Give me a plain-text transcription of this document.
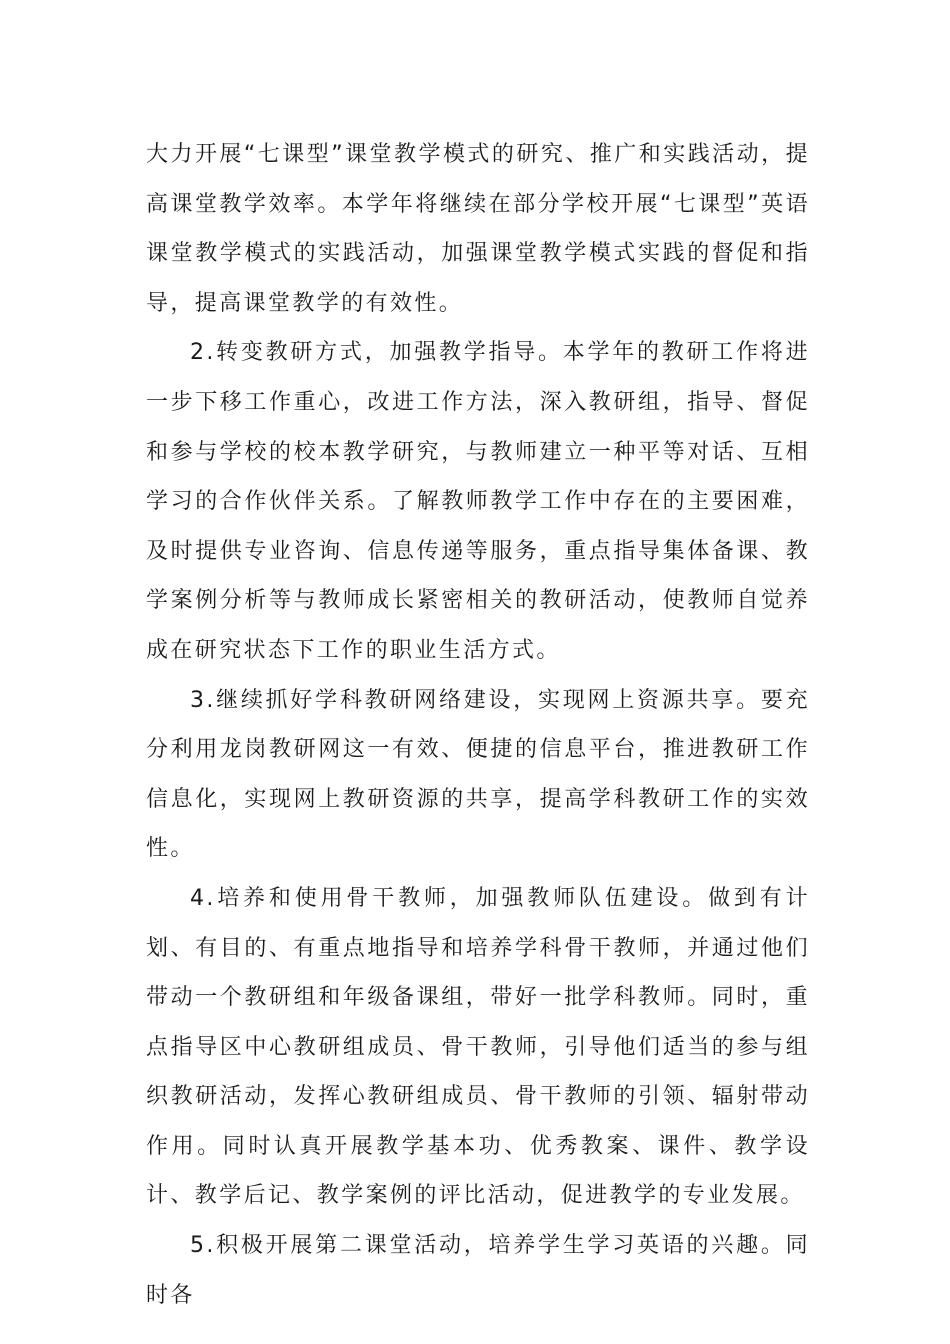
大力开展“七课型”课堂教学模式的研究、推广和实践活动，提高课堂教学效率。本学年将继续在部分学校开展“七课型”英语课堂教学模式的实践活动，加强课堂教学模式实践的督促和指导，提高课堂教学的有效性。

2.转变教研方式，加强教学指导。本学年的教研工作将进一步下移工作重心，改进工作方法，深入教研组，指导、督促和参与学校的校本教学研究，与教师建立一种平等对话、互相学习的合作伙伴关系。了解教师教学工作中存在的主要困难，及时提供专业咨询、信息传递等服务，重点指导集体备课、教学案例分析等与教师成长紧密相关的教研活动，使教师自觉养成在研究状态下工作的职业生活方式。

3.继续抓好学科教研网络建设，实现网上资源共享。要充分利用龙岗教研网这一有效、便捷的信息平台，推进教研工作信息化，实现网上教研资源的共享，提高学科教研工作的实效性。

4.培养和使用骨干教师，加强教师队伍建设。做到有计划、有目的、有重点地指导和培养学科骨干教师，并通过他们带动一个教研组和年级备课组，带好一批学科教师。同时，重点指导区中心教研组成员、骨干教师，引导他们适当的参与组织教研活动，发挥心教研组成员、骨干教师的引领、辐射带动作用。同时认真开展教学基本功、优秀教案、课件、教学设计、教学后记、教学案例的评比活动，促进教学的专业发展。

5.积极开展第二课堂活动，培养学生学习英语的兴趣。同时各
